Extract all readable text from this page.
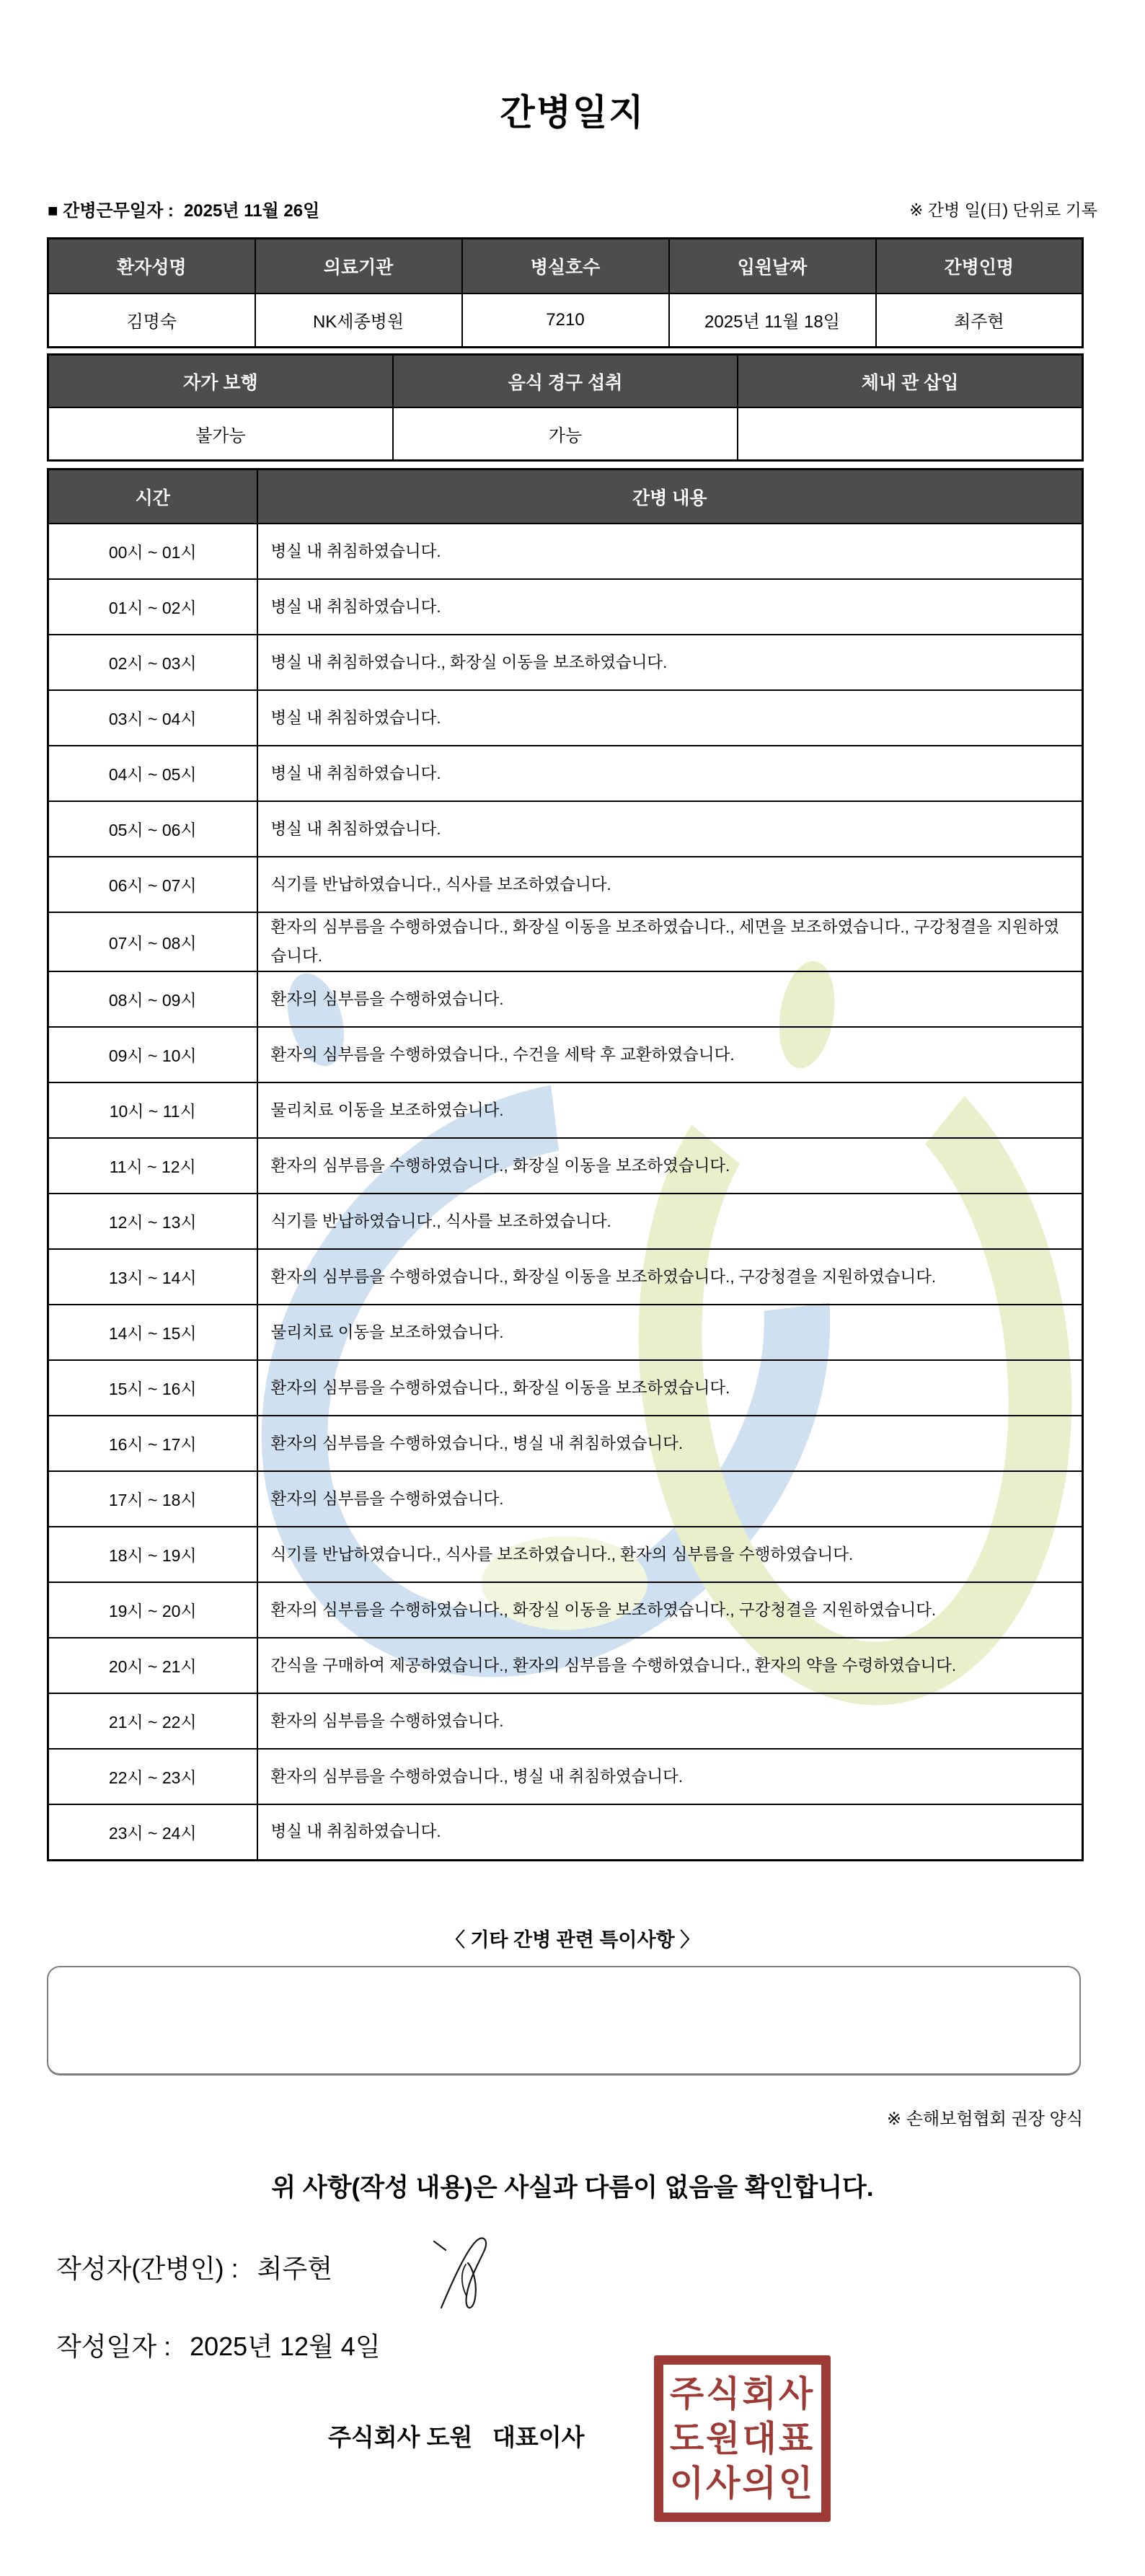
간병일지
■ 간병근무일자 : 2025년 11월 26일	※ 간병 일(日) 단위로 기록
환자성명	의료기관	병실호수	입원날짜	간병인명
김명숙	NK세종병원	7210	2025년 11월 18일	최주현
자가 보행	음식 경구 섭취	체내 관 삽입
불가능	가능	
시간	간병 내용
00시 ~ 01시	병실 내 취침하였습니다.
01시 ~ 02시	병실 내 취침하였습니다.
02시 ~ 03시	병실 내 취침하였습니다., 화장실 이동을 보조하였습니다.
03시 ~ 04시	병실 내 취침하였습니다.
04시 ~ 05시	병실 내 취침하였습니다.
05시 ~ 06시	병실 내 취침하였습니다.
06시 ~ 07시	식기를 반납하였습니다., 식사를 보조하였습니다.
07시 ~ 08시	환자의 심부름을 수행하였습니다., 화장실 이동을 보조하였습니다., 세면을 보조하였습니다., 구강청결을 지원하였습니다.
08시 ~ 09시	환자의 심부름을 수행하였습니다.
09시 ~ 10시	환자의 심부름을 수행하였습니다., 수건을 세탁 후 교환하였습니다.
10시 ~ 11시	물리치료 이동을 보조하였습니다.
11시 ~ 12시	환자의 심부름을 수행하였습니다., 화장실 이동을 보조하였습니다.
12시 ~ 13시	식기를 반납하였습니다., 식사를 보조하였습니다.
13시 ~ 14시	환자의 심부름을 수행하였습니다., 화장실 이동을 보조하였습니다., 구강청결을 지원하였습니다.
14시 ~ 15시	물리치료 이동을 보조하였습니다.
15시 ~ 16시	환자의 심부름을 수행하였습니다., 화장실 이동을 보조하였습니다.
16시 ~ 17시	환자의 심부름을 수행하였습니다., 병실 내 취침하였습니다.
17시 ~ 18시	환자의 심부름을 수행하였습니다.
18시 ~ 19시	식기를 반납하였습니다., 식사를 보조하였습니다., 환자의 심부름을 수행하였습니다.
19시 ~ 20시	환자의 심부름을 수행하였습니다., 화장실 이동을 보조하였습니다., 구강청결을 지원하였습니다.
20시 ~ 21시	간식을 구매하여 제공하였습니다., 환자의 심부름을 수행하였습니다., 환자의 약을 수령하였습니다.
21시 ~ 22시	환자의 심부름을 수행하였습니다.
22시 ~ 23시	환자의 심부름을 수행하였습니다., 병실 내 취침하였습니다.
23시 ~ 24시	병실 내 취침하였습니다.
〈 기타 간병 관련 특이사항 〉
※ 손해보험협회 권장 양식
위 사항(작성 내용)은 사실과 다름이 없음을 확인합니다.
작성자(간병인) : 최주현
작성일자 : 2025년 12월 4일
주식회사 도원   대표이사
주식회사
도원대표
이사의인
